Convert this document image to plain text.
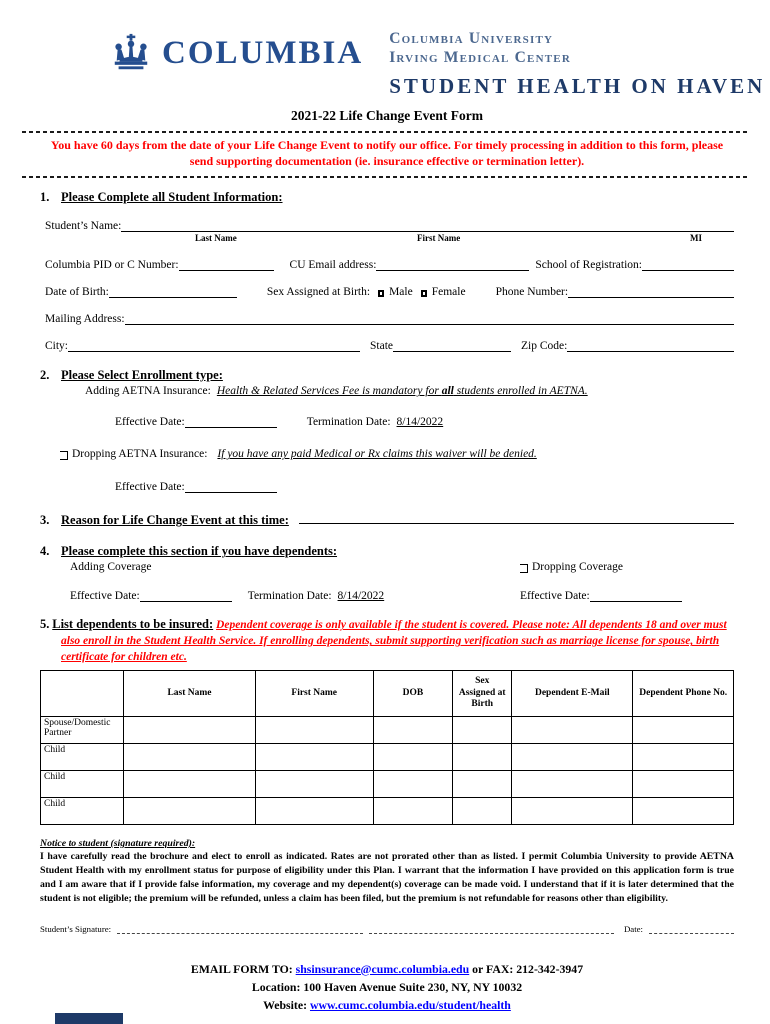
COLUMBIA Columbia University
Irving Medical Center
STUDENT HEALTH ON HAVEN
2021-22 Life Change Event Form
You have 60 days from the date of your Life Change Event to notify our office. For timely processing in addition to this form, please send supporting documentation (ie. insurance effective or termination letter).
1. Please Complete all Student Information:
Student’s Name:
Last Name	First Name	MI
Columbia PID or C Number:	CU Email address:	School of Registration:
Date of Birth:	Sex Assigned at Birth: Male Female	Phone Number:
Mailing Address:
City:	State	Zip Code:
2. Please Select Enrollment type:
Adding AETNA Insurance: Health & Related Services Fee is mandatory for all students enrolled in AETNA.
Effective Date:	Termination Date: 8/14/2022
Dropping AETNA Insurance: If you have any paid Medical or Rx claims this waiver will be denied.
Effective Date:
3. Reason for Life Change Event at this time:
4. Please complete this section if you have dependents:
Adding Coverage	Dropping Coverage
Effective Date:	Termination Date: 8/14/2022	Effective Date:
5. List dependents to be insured: Dependent coverage is only available if the student is covered. Please note: All dependents 18 and over must also enroll in the Student Health Service. If enrolling dependents, submit supporting verification such as marriage license for spouse, birth certificate for children etc.
	Last Name	First Name	DOB	Sex Assigned at Birth	Dependent E-Mail	Dependent Phone No.
Spouse/Domestic Partner						
Child						
Child						
Child						
Notice to student (signature required):
I have carefully read the brochure and elect to enroll as indicated. Rates are not prorated other than as listed. I permit Columbia University to provide AETNA Student Health with my enrollment status for purpose of eligibility under this Plan. I warrant that the information I have provided on this application form is true and I am aware that if I provide false information, my coverage and my dependent(s) coverage can be made void. I understand that if it is later determined that the student is not eligible; the premium will be refunded, unless a claim has been filed, but the premium is not refundable for reasons other than eligibility.
Student’s Signature:	Date:
EMAIL FORM TO: shsinsurance@cumc.columbia.edu or FAX: 212-342-3947
Location: 100 Haven Avenue Suite 230, NY, NY 10032
Website: www.cumc.columbia.edu/student/health
